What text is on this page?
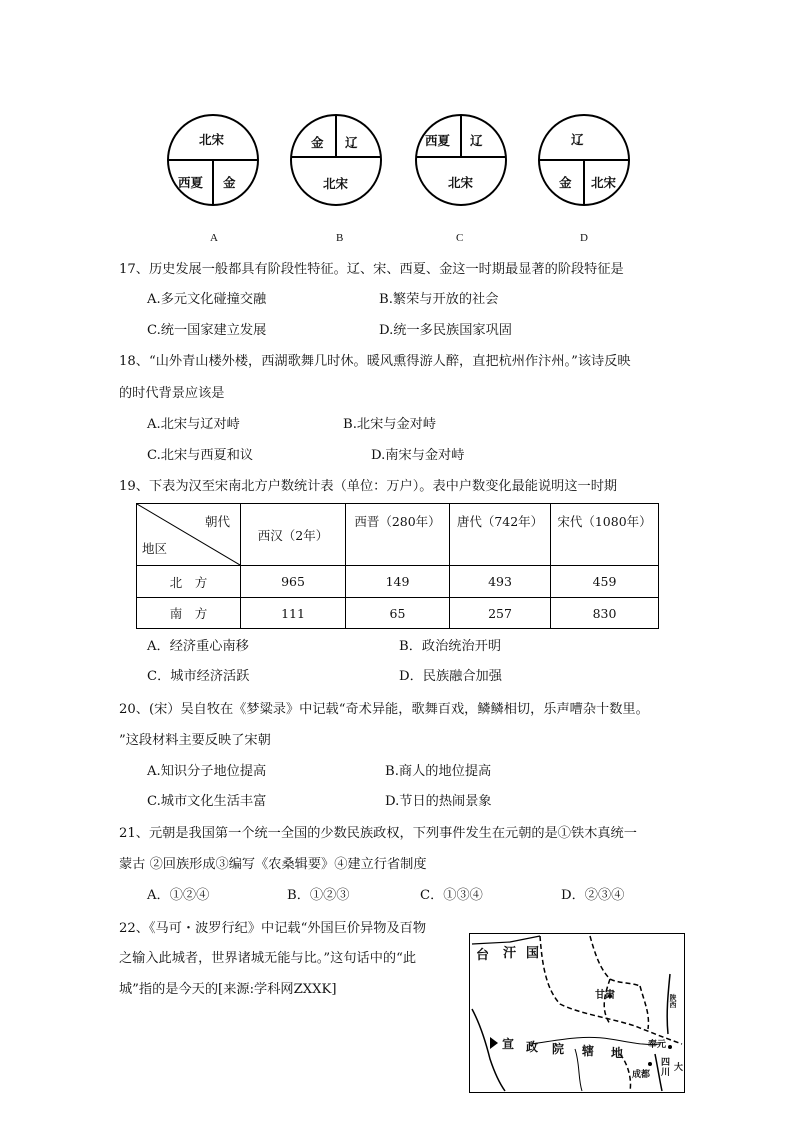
北宋
西夏 金
金 辽
北宋
西夏 辽
北宋
辽
金 北宋
A	B	C	D
17、历史发展一般都具有阶段性特征。辽、宋、西夏、金这一时期最显著的阶段特征是
A.多元文化碰撞交融	B.繁荣与开放的社会
C.统一国家建立发展	D.统一多民族国家巩固
18、“山外青山楼外楼，西湖歌舞几时休。暖风熏得游人醉，直把杭州作汴州。”该诗反映
的时代背景应该是
A.北宋与辽对峙	B.北宋与金对峙
C.北宋与西夏和议	D.南宋与金对峙
19、下表为汉至宋南北方户数统计表（单位：万户）。表中户数变化最能说明这一时期
朝代
地区	西汉（2年）	西晋（280年）	唐代（742年）	宋代（1080年）
北　方	965	149	493	459
南　方	111	65	257	830
A．经济重心南移	B．政治统治开明
C．城市经济活跃	D．民族融合加强
20、(宋）吴自牧在《梦粱录》中记载“奇术异能，歌舞百戏，鳞鳞相切，乐声嘈杂十数里。
”这段材料主要反映了宋朝
A.知识分子地位提高	B.商人的地位提高
C.城市文化生活丰富	D.节日的热闹景象
21、元朝是我国第一个统一全国的少数民族政权，下列事件发生在元朝的是①铁木真统一
蒙古 ②回族形成③编写《农桑辑要》④建立行省制度
A．①②④	B．①②③	C．①③④	D．②③④
22、《马可・波罗行纪》中记载“外国巨价异物及百物
之输入此城者，世界诸城无能与比。”这句话中的“此
城”指的是今天的[来源:学科网ZXXK]
台 汗 国
甘肃	陕西
宣 政 院 辖 地
奉元
四
川 大
成都
